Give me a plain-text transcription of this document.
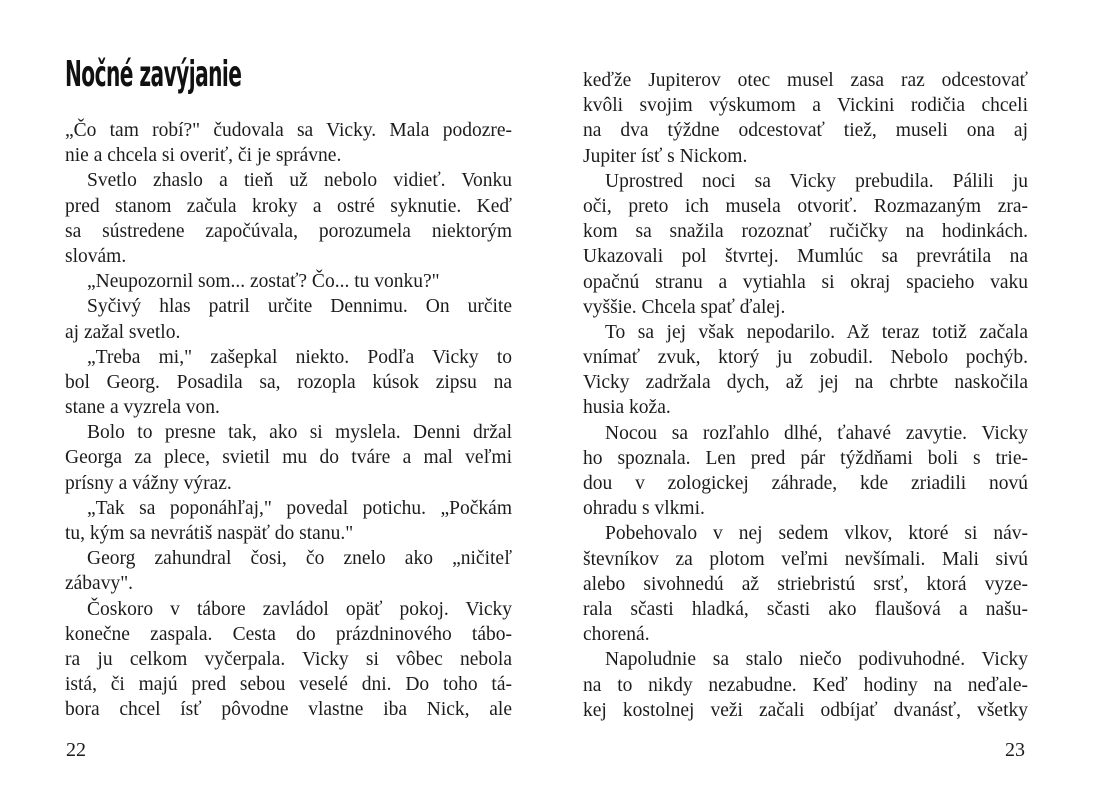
Nočné zavýjanie
„Čo tam robí?" čudovala sa Vicky. Mala podozre-
nie a chcela si overiť, či je správne.
Svetlo zhaslo a tieň už nebolo vidieť. Vonku
pred stanom začula kroky a ostré syknutie. Keď
sa sústredene započúvala, porozumela niektorým
slovám.
„Neupozornil som... zostať? Čo... tu vonku?"
Syčivý hlas patril určite Dennimu. On určite
aj zažal svetlo.
„Treba mi," zašepkal niekto. Podľa Vicky to
bol Georg. Posadila sa, rozopla kúsok zipsu na
stane a vyzrela von.
Bolo to presne tak, ako si myslela. Denni držal
Georga za plece, svietil mu do tváre a mal veľmi
prísny a vážny výraz.
„Tak sa poponáhľaj," povedal potichu. „Počkám
tu, kým sa nevrátiš naspäť do stanu."
Georg zahundral čosi, čo znelo ako „ničiteľ
zábavy".
Čoskoro v tábore zavládol opäť pokoj. Vicky
konečne zaspala. Cesta do prázdninového tábo-
ra ju celkom vyčerpala. Vicky si vôbec nebola
istá, či majú pred sebou veselé dni. Do toho tá-
bora chcel ísť pôvodne vlastne iba Nick, ale
22
keďže Jupiterov otec musel zasa raz odcestovať
kvôli svojim výskumom a Vickini rodičia chceli
na dva týždne odcestovať tiež, museli ona aj
Jupiter ísť s Nickom.
Uprostred noci sa Vicky prebudila. Pálili ju
oči, preto ich musela otvoriť. Rozmazaným zra-
kom sa snažila rozoznať ručičky na hodinkách.
Ukazovali pol štvrtej. Mumlúc sa prevrátila na
opačnú stranu a vytiahla si okraj spacieho vaku
vyššie. Chcela spať ďalej.
To sa jej však nepodarilo. Až teraz totiž začala
vnímať zvuk, ktorý ju zobudil. Nebolo pochýb.
Vicky zadržala dych, až jej na chrbte naskočila
husia koža.
Nocou sa rozľahlo dlhé, ťahavé zavytie. Vicky
ho spoznala. Len pred pár týždňami boli s trie-
dou v zologickej záhrade, kde zriadili novú
ohradu s vlkmi.
Pobehovalo v nej sedem vlkov, ktoré si náv-
števníkov za plotom veľmi nevšímali. Mali sivú
alebo sivohnedú až striebristú srsť, ktorá vyze-
rala sčasti hladká, sčasti ako flaušová a našu-
chorená.
Napoludnie sa stalo niečo podivuhodné. Vicky
na to nikdy nezabudne. Keď hodiny na neďale-
kej kostolnej veži začali odbíjať dvanásť, všetky
23
